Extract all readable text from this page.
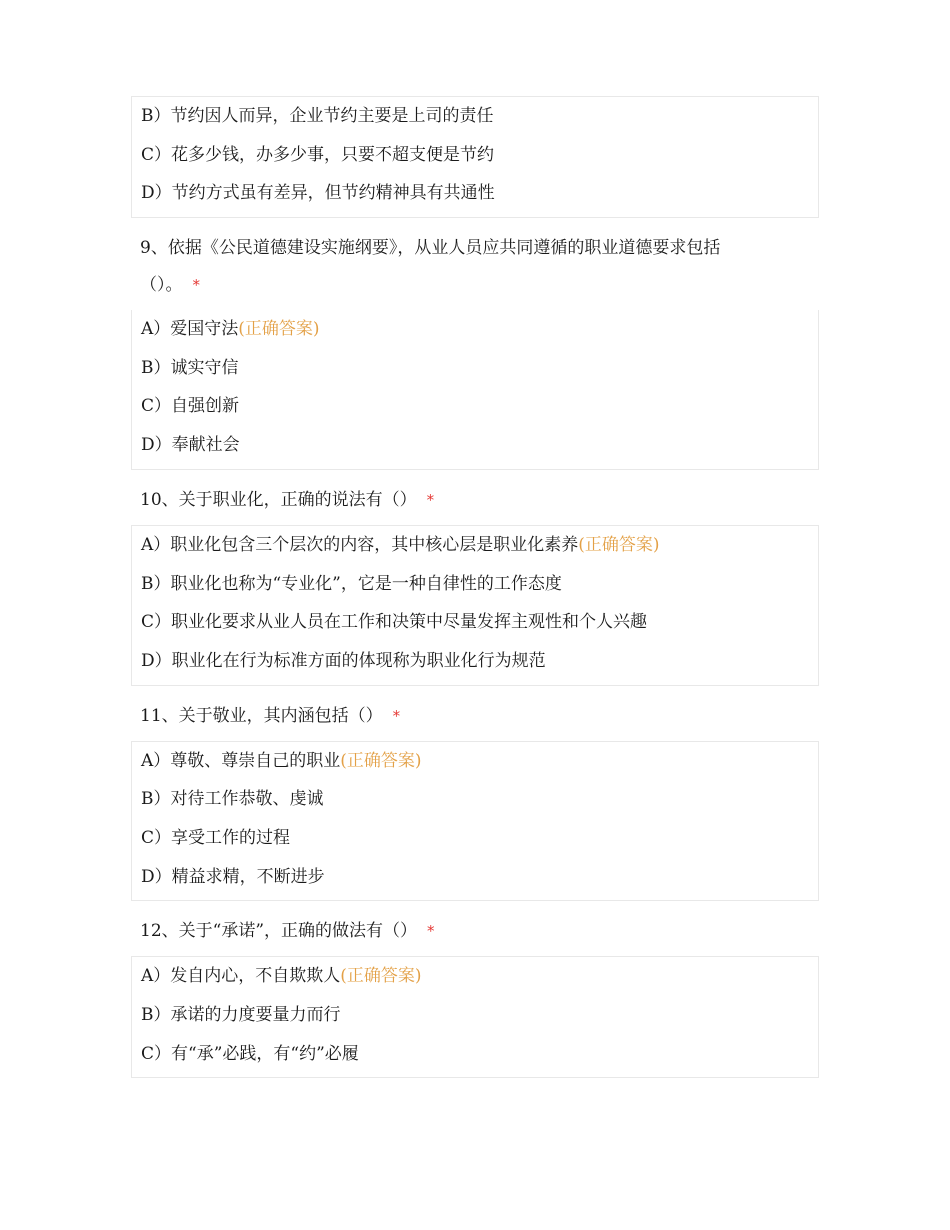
B）节约因人而异，企业节约主要是上司的责任
C）花多少钱，办多少事，只要不超支便是节约
D）节约方式虽有差异，但节约精神具有共通性
9、依据《公民道德建设实施纲要》，从业人员应共同遵循的职业道德要求包括
（）。 *
A）爱国守法(正确答案)
B）诚实守信
C）自强创新
D）奉献社会
10、关于职业化，正确的说法有（） *
A）职业化包含三个层次的内容，其中核心层是职业化素养(正确答案)
B）职业化也称为“专业化”，它是一种自律性的工作态度
C）职业化要求从业人员在工作和决策中尽量发挥主观性和个人兴趣
D）职业化在行为标准方面的体现称为职业化行为规范
11、关于敬业，其内涵包括（） *
A）尊敬、尊崇自己的职业(正确答案)
B）对待工作恭敬、虔诚
C）享受工作的过程
D）精益求精，不断进步
12、关于“承诺”，正确的做法有（） *
A）发自内心，不自欺欺人(正确答案)
B）承诺的力度要量力而行
C）有“承”必践，有“约”必履
